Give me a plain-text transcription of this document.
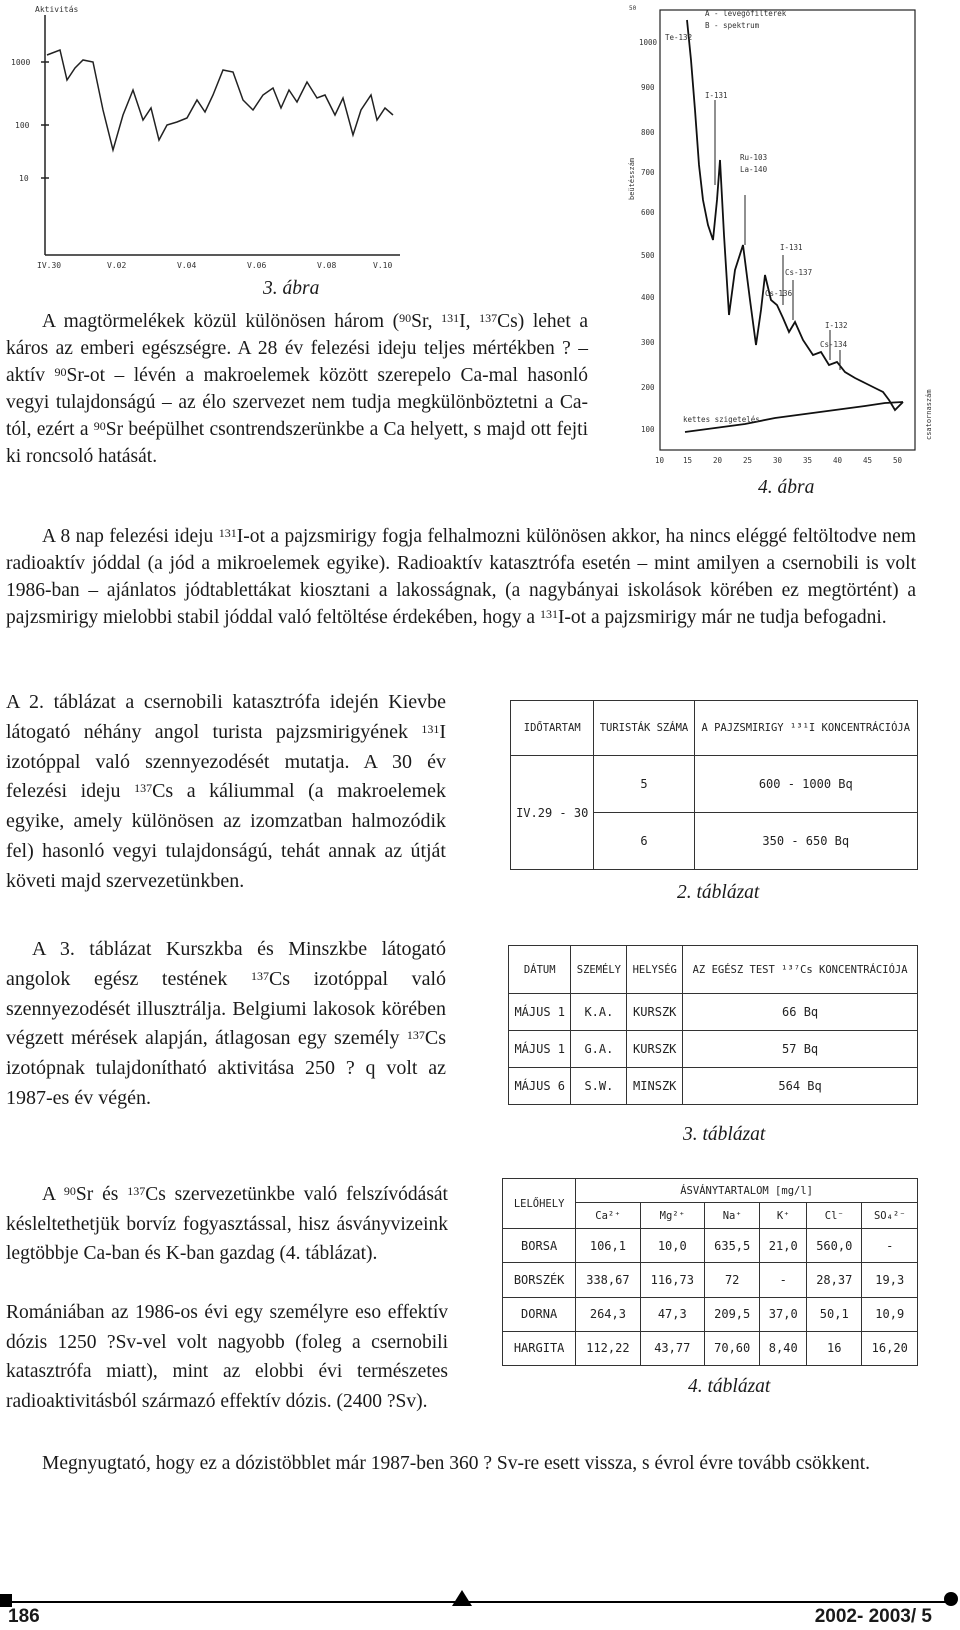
Aktivitás
1000
100
10
IV.30	V.02	V.04	V.06	V.08	V.10
3. ábra
50
A - levegőfilterek
B - spektrum
Te-132
I-131
Ru-103
La-140
I-131
Cs-137
Cs-136
I-132
Cs-134
kettes szigetelés
1000
900
800
700
600
500
400
300
200
100
10	15	20	25	30	35	40	45	50
beütésszám
csatornaszám
4. ábra

A magtörmelékek közül különösen három ($^{90}$Sr, $^{131}$I, $^{137}$Cs) lehet a káros az emberi egészségre. A 28 év felezési ideju teljes mértékben ? – aktív $^{90}$Sr-ot – lévén a makroelemek között szerepelo Ca-mal hasonló vegyi tulajdonságú – az élo szervezet nem tudja megkülönböztetni a Ca-tól, ezért a $^{90}$Sr beépülhet csontrendszerünkbe a Ca helyett, s majd ott fejti ki roncsoló hatását.

A 8 nap felezési ideju $^{131}$I-ot a pajzsmirigy fogja felhalmozni különösen akkor, ha nincs eléggé feltöltodve nem radioaktív jóddal (a jód a mikroelemek egyike). Radioaktív katasztrófa esetén – mint amilyen a csernobili is volt 1986-ban – ajánlatos jódtablettákat kiosztani a lakosságnak, (a nagybányai iskolások körében ez megtörtént) a pajzsmirigy mielobbi stabil jóddal való feltöltése érdekében, hogy a $^{131}$I-ot a pajzsmirigy már ne tudja befogadni.

A 2. táblázat a csernobili katasztrófa idején Kievbe látogató néhány angol turista pajzsmirigyének $^{131}$I izotóppal való szennyezodését mutatja. A 30 év felezési ideju $^{137}$Cs a káliummal (a makroelemek egyike, amely különösen az izomzatban halmozódik fel) hasonló vegyi tulajdonságú, tehát annak az útját követi majd szervezetünkben.

A 3. táblázat Kurszkba és Minszkbe látogató angolok egész testének $^{137}$Cs izotóppal való szennyezodését illusztrálja. Belgiumi lakosok körében végzett mérések alapján, átlagosan egy személy $^{137}$Cs izotópnak tulajdonítható aktivitása 250 ? q volt az 1987-es év végén.

IDŐTARTAM	TURISTÁK SZÁMA	A PAJZSMIRIGY ¹³¹I KONCENTRÁCIÓJA
IV.29 - 30	5	600 - 1000 Bq
	6	350 - 650 Bq
2. táblázat
DÁTUM	SZEMÉLY	HELYSÉG	AZ EGÉSZ TEST ¹³⁷Cs KONCENTRÁCIÓJA
MÁJUS 1	K.A.	KURSZK	66 Bq
MÁJUS 1	G.A.	KURSZK	57 Bq
MÁJUS 6	S.W.	MINSZK	564 Bq
3. táblázat

A $^{90}$Sr és $^{137}$Cs szervezetünkbe való felszívódását késleltethetjük borvíz fogyasztással, hisz ásványvizeink legtöbbje Ca-ban és K-ban gazdag (4. táblázat).

Romániában az 1986-os évi egy személyre eso effektív dózis 1250 ?Sv-vel volt nagyobb (foleg a csernobili katasztrófa miatt), mint az elobbi évi természetes radioaktivitásból származó effektív dózis. (2400 ?Sv).

LELŐHELY	ÁSVÁNYTARTALOM [mg/l]					
	Ca²⁺	Mg²⁺	Na⁺	K⁺	Cl⁻	SO₄²⁻
BORSA	106,1	10,0	635,5	21,0	560,0	-
BORSZÉK	338,67	116,73	72	-	28,37	19,3
DORNA	264,3	47,3	209,5	37,0	50,1	10,9
HARGITA	112,22	43,77	70,60	8,40	16	16,20
4. táblázat

Megnyugtató, hogy ez a dózistöbblet már 1987-ben 360 ? Sv-re esett vissza, s évrol évre tovább csökkent.

186	2002- 2003/ 5
